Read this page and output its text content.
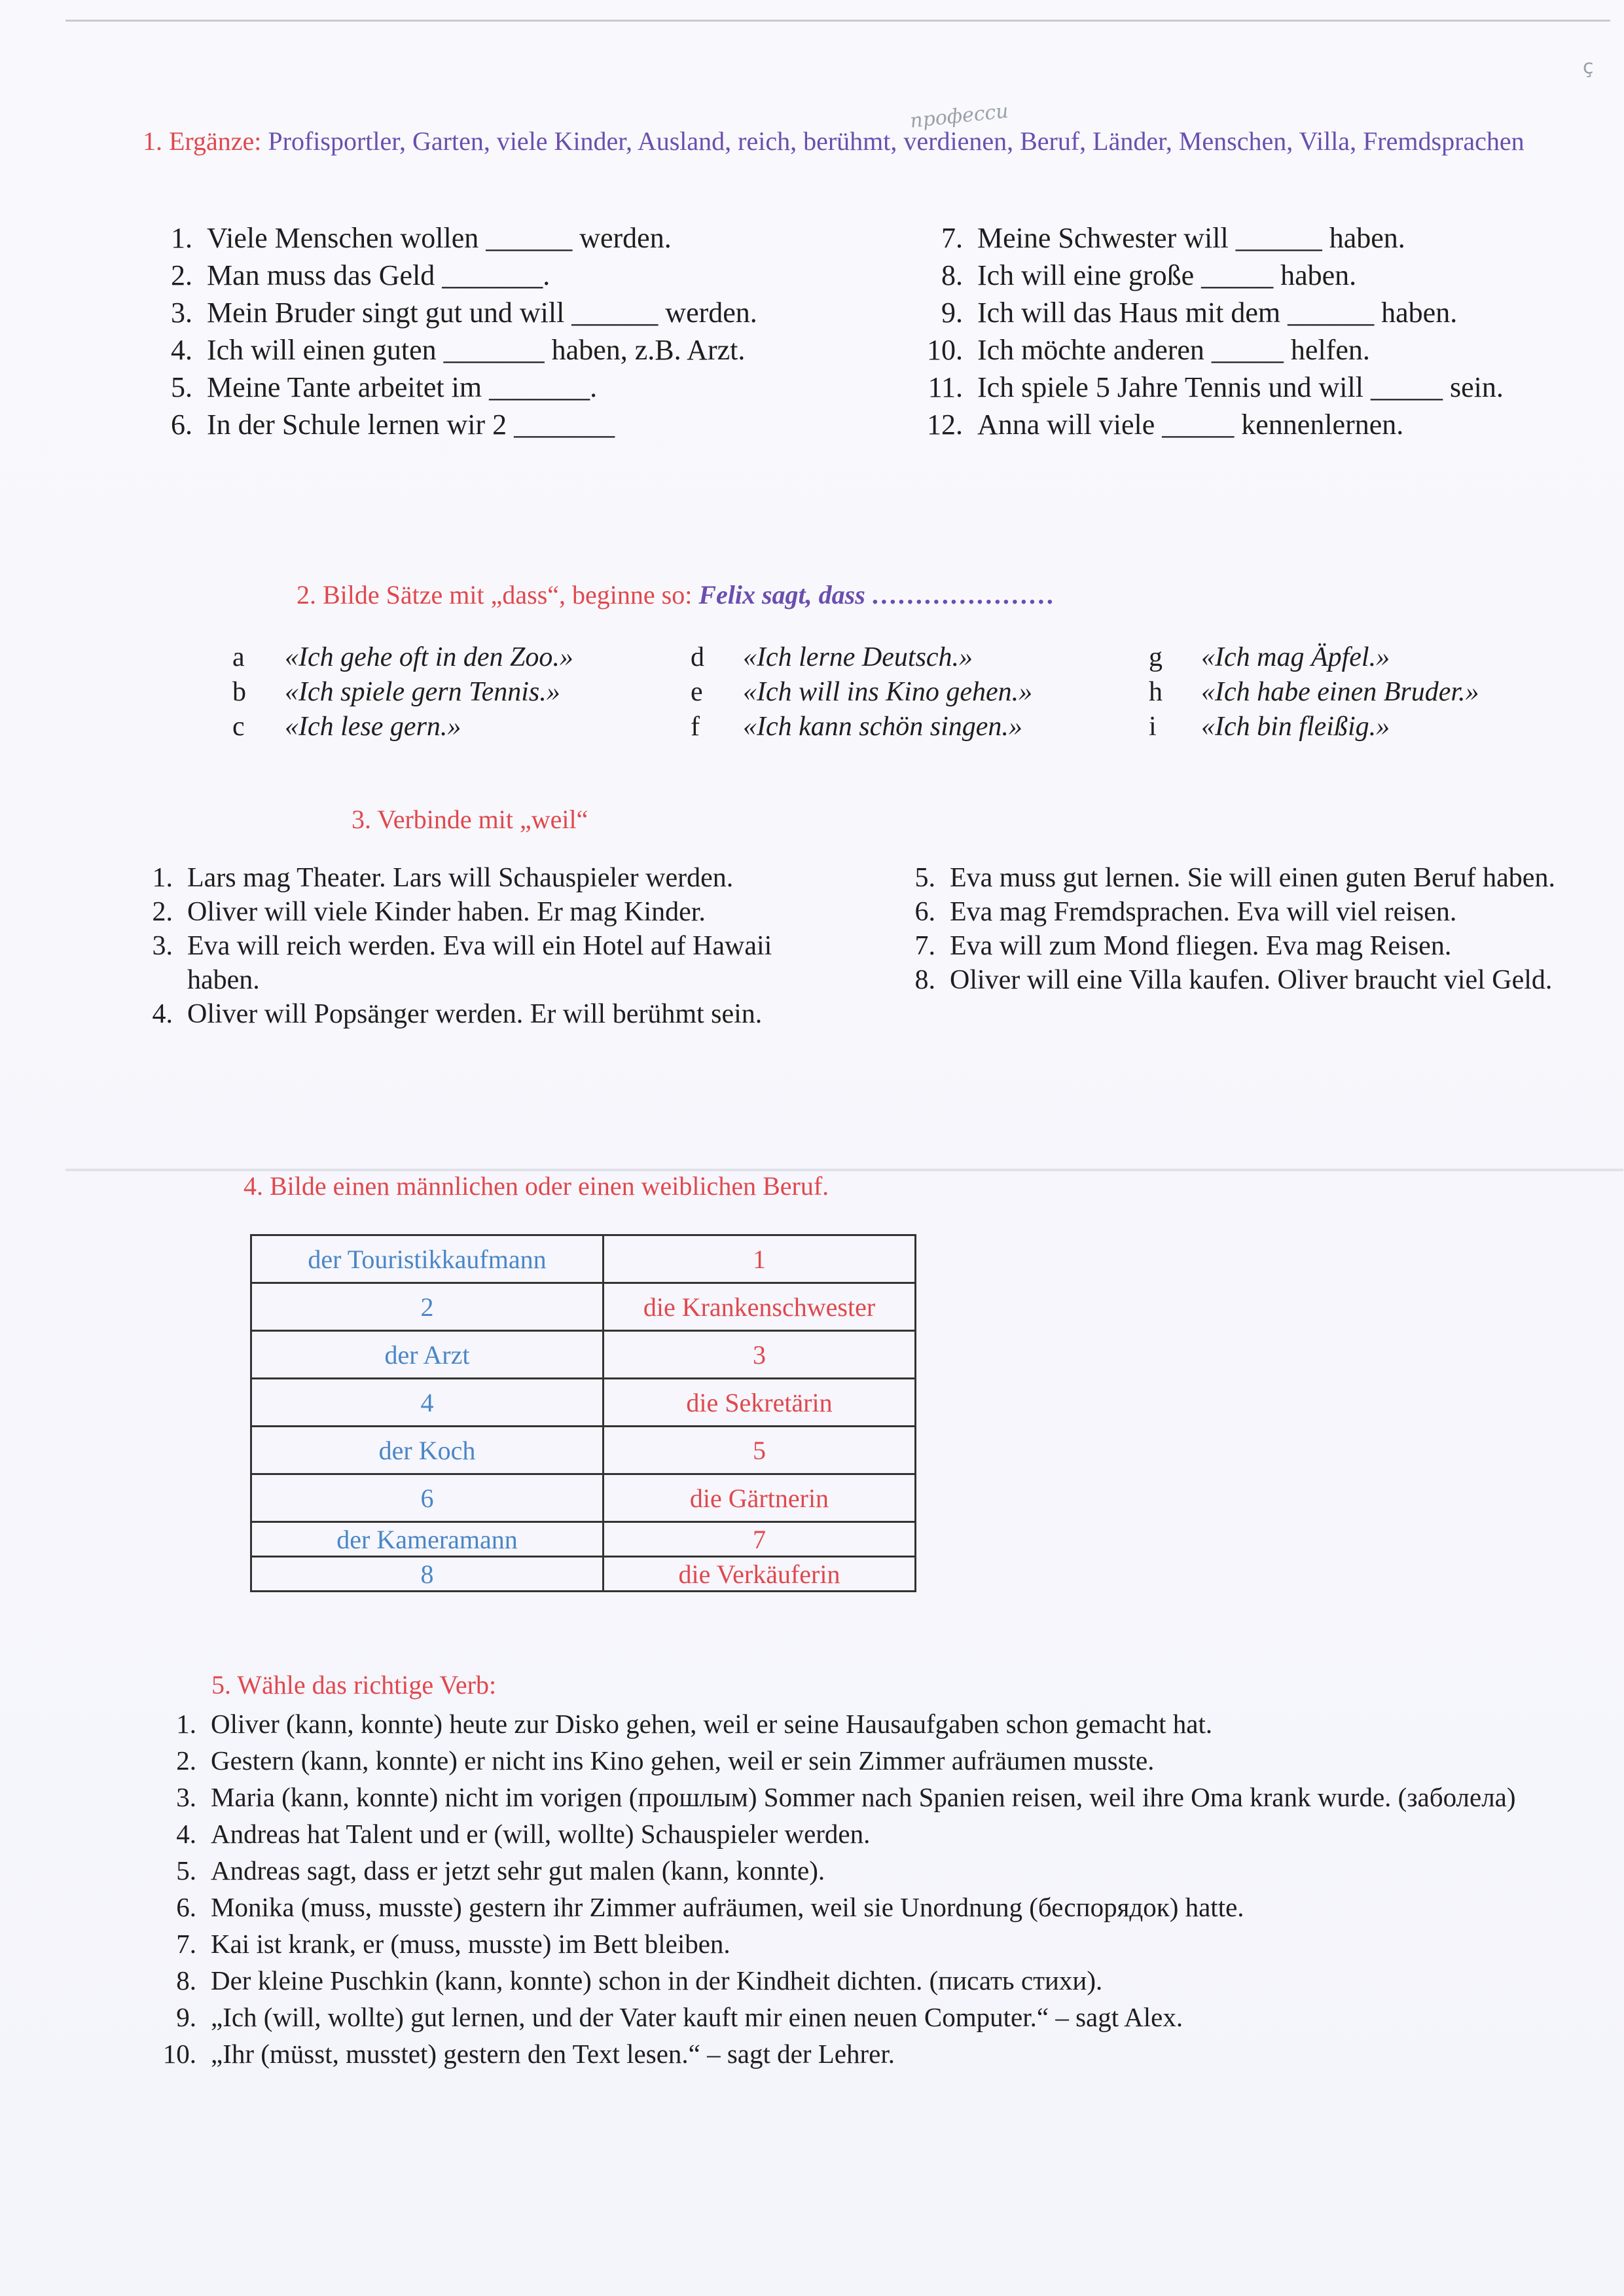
ç
професси
1. Ergänze: Profisportler, Garten, viele Kinder, Ausland, reich, berühmt, verdienen, Beruf, Länder, Menschen, Villa, Fremdsprachen
1. Viele Menschen wollen ______ werden.
2. Man muss das Geld _______.
3. Mein Bruder singt gut und will ______ werden.
4. Ich will einen guten _______ haben, z.B. Arzt.
5. Meine Tante arbeitet im _______.
6. In der Schule lernen wir 2 _______
7. Meine Schwester will ______ haben.
8. Ich will eine große _____ haben.
9. Ich will das Haus mit dem ______ haben.
10. Ich möchte anderen _____ helfen.
11. Ich spiele 5 Jahre Tennis und will _____ sein.
12. Anna will viele _____ kennenlernen.
2. Bilde Sätze mit „dass“, beginne so: Felix sagt, dass …………………
a	«Ich gehe oft in den Zoo.»	d	«Ich lerne Deutsch.»	g	«Ich mag Äpfel.»
b	«Ich spiele gern Tennis.»	e	«Ich will ins Kino gehen.»	h	«Ich habe einen Bruder.»
c	«Ich lese gern.»	f	«Ich kann schön singen.»	i	«Ich bin fleißig.»
3. Verbinde mit „weil“
1. Lars mag Theater. Lars will Schauspieler werden.
2. Oliver will viele Kinder haben. Er mag Kinder.
3. Eva will reich werden. Eva will ein Hotel auf Hawaii haben.
4. Oliver will Popsänger werden. Er will berühmt sein.
5. Eva muss gut lernen. Sie will einen guten Beruf haben.
6. Eva mag Fremdsprachen. Eva will viel reisen.
7. Eva will zum Mond fliegen. Eva mag Reisen.
8. Oliver will eine Villa kaufen. Oliver braucht viel Geld.
4. Bilde einen männlichen oder einen weiblichen Beruf.
der Touristikkaufmann	1
2	die Krankenschwester
der Arzt	3
4	die Sekretärin
der Koch	5
6	die Gärtnerin
der Kameramann	7
8	die Verkäuferin
5. Wähle das richtige Verb:
1. Oliver (kann, konnte) heute zur Disko gehen, weil er seine Hausaufgaben schon gemacht hat.
2. Gestern (kann, konnte) er nicht ins Kino gehen, weil er sein Zimmer aufräumen musste.
3. Maria (kann, konnte) nicht im vorigen (прошлым) Sommer nach Spanien reisen, weil ihre Oma krank wurde. (заболела)
4. Andreas hat Talent und er (will, wollte) Schauspieler werden.
5. Andreas sagt, dass er jetzt sehr gut malen (kann, konnte).
6. Monika (muss, musste) gestern ihr Zimmer aufräumen, weil sie Unordnung (беспорядок) hatte.
7. Kai ist krank, er (muss, musste) im Bett bleiben.
8. Der kleine Puschkin (kann, konnte) schon in der Kindheit dichten. (писать стихи).
9. „Ich (will, wollte) gut lernen, und der Vater kauft mir einen neuen Computer.“ – sagt Alex.
10. „Ihr (müsst, musstet) gestern den Text lesen.“ – sagt der Lehrer.
